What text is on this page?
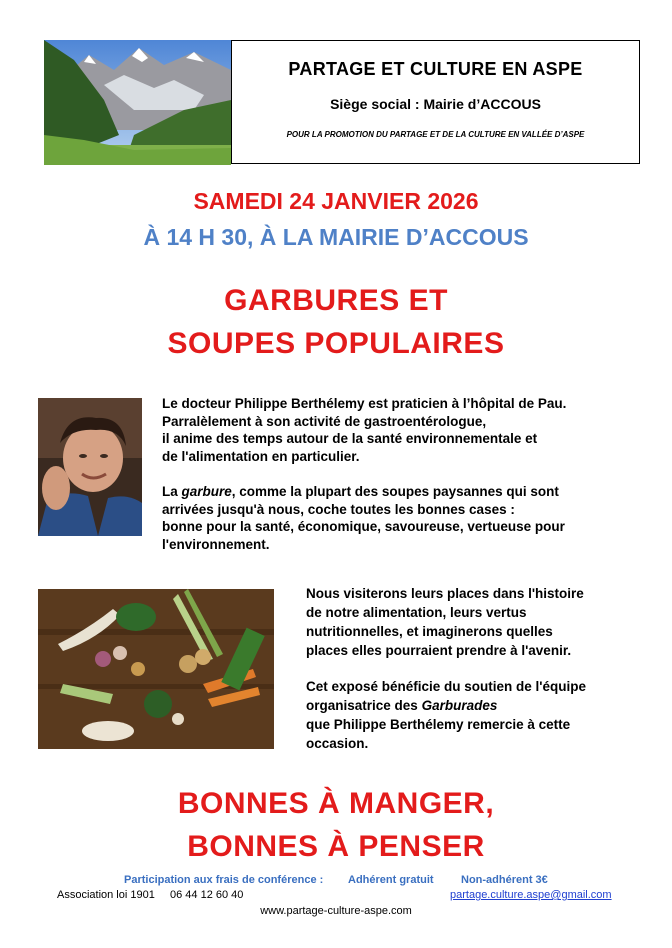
PARTAGE ET CULTURE EN ASPE
Siège social : Mairie d’ACCOUS
POUR LA PROMOTION DU PARTAGE ET DE LA CULTURE EN VALLÉE D’ASPE
SAMEDI 24 JANVIER 2026
À 14 H 30, À LA MAIRIE D’ACCOUS
GARBURES ET
SOUPES POPULAIRES

Le docteur Philippe Berthélemy est praticien à l’hôpital de Pau.
Parralèlement à son activité de gastroentérologue,
il anime des temps autour de la santé environnementale et
de l'alimentation en particulier.

La garbure, comme la plupart des soupes paysannes qui sont
arrivées jusqu'à nous, coche toutes les bonnes cases :
bonne pour la santé, économique, savoureuse, vertueuse pour
l'environnement.

Nous visiterons leurs places dans l'histoire
de notre alimentation, leurs vertus
nutritionnelles, et imaginerons quelles
places elles pourraient prendre à l'avenir.

Cet exposé bénéficie du soutien de l'équipe
organisatrice des Garburades
que Philippe Berthélemy remercie à cette
occasion.

BONNES À MANGER,
BONNES À PENSER
Participation aux frais de conférence : Adhérent gratuit Non-adhérent 3€
Association loi 1901 06 44 12 60 40	partage.culture.aspe@gmail.com
www.partage-culture-aspe.com
